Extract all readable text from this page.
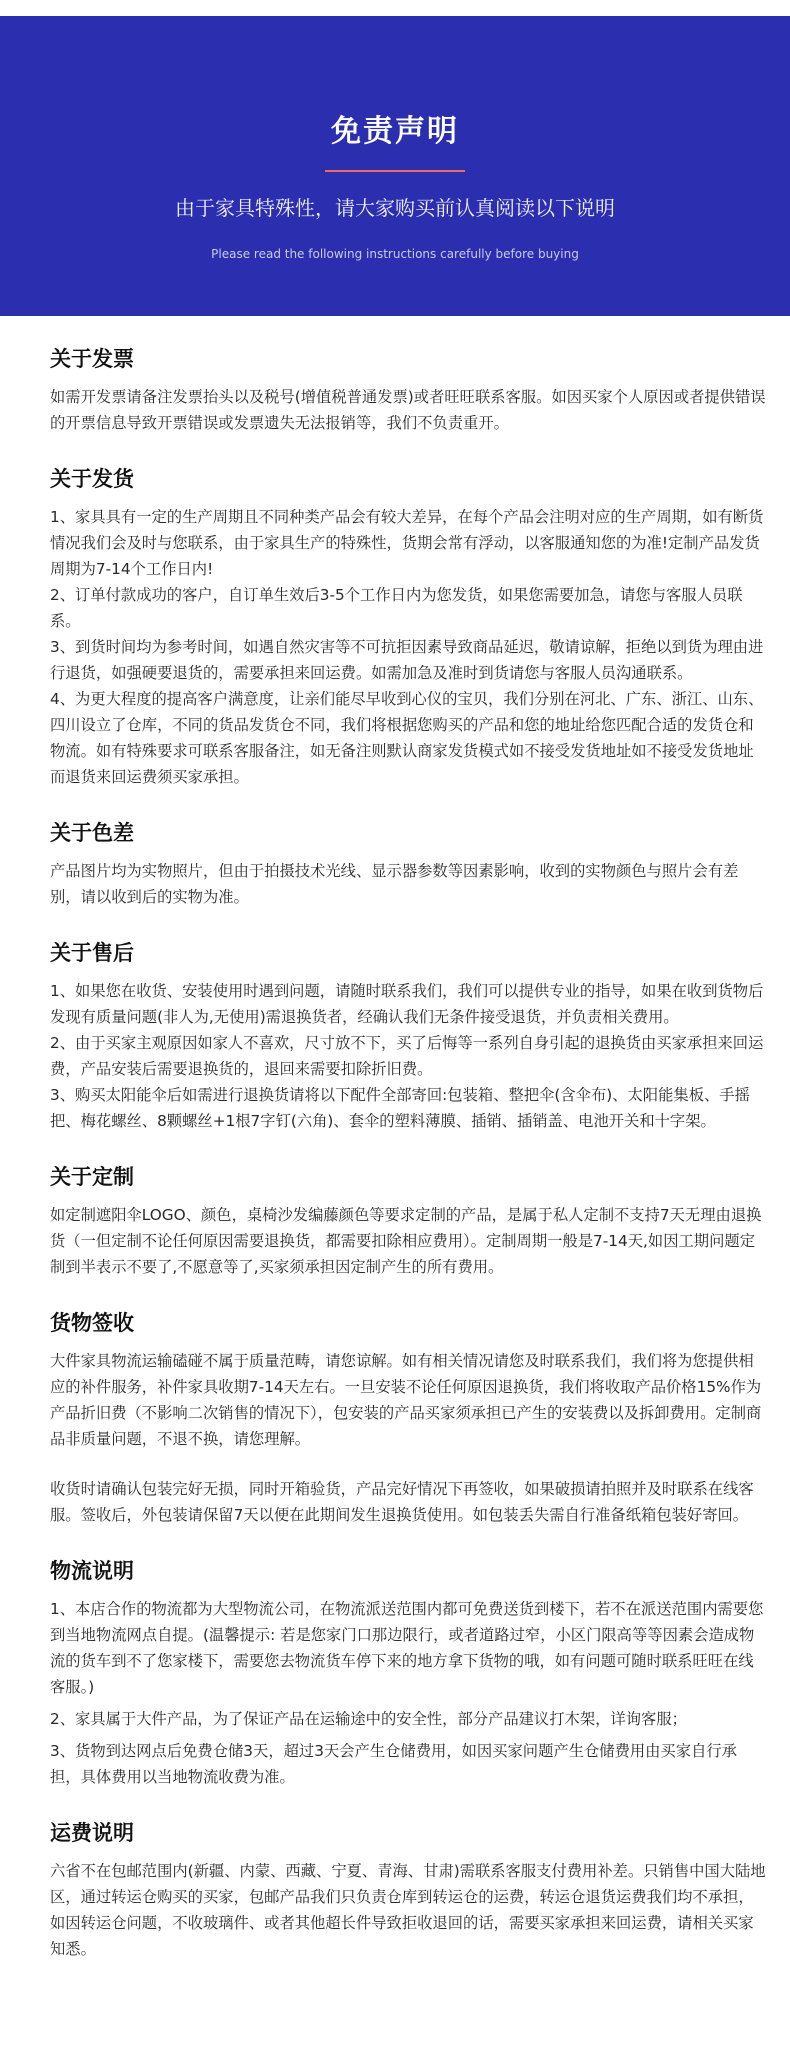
免责声明

由于家具特殊性，请大家购买前认真阅读以下说明

Please read the following instructions carefully before buying

关于发票

如需开发票请备注发票抬头以及税号(增值税普通发票)或者旺旺联系客服。如因买家个人原因或者提供错误的开票信息导致开票错误或发票遗失无法报销等，我们不负责重开。

关于发货

1、家具具有一定的生产周期且不同种类产品会有较大差异，在每个产品会注明对应的生产周期，如有断货情况我们会及时与您联系，由于家具生产的特殊性，货期会常有浮动，以客服通知您的为准!定制产品发货周期为7-14个工作日内!

2、订单付款成功的客户，自订单生效后3-5个工作日内为您发货，如果您需要加急，请您与客服人员联系。

3、到货时间均为参考时间，如遇自然灾害等不可抗拒因素导致商品延迟，敬请谅解，拒绝以到货为理由进行退货，如强硬要退货的，需要承担来回运费。如需加急及准时到货请您与客服人员沟通联系。

4、为更大程度的提高客户满意度，让亲们能尽早收到心仪的宝贝，我们分别在河北、广东、浙江、山东、四川设立了仓库，不同的货品发货仓不同，我们将根据您购买的产品和您的地址给您匹配合适的发货仓和物流。如有特殊要求可联系客服备注，如无备注则默认商家发货模式如不接受发货地址如不接受发货地址而退货来回运费须买家承担。

关于色差

产品图片均为实物照片，但由于拍摄技术光线、显示器参数等因素影响，收到的实物颜色与照片会有差别，请以收到后的实物为准。

关于售后

1、如果您在收货、安装使用时遇到问题，请随时联系我们，我们可以提供专业的指导，如果在收到货物后发现有质量问题(非人为,无使用)需退换货者，经确认我们无条件接受退货，并负责相关费用。

2、由于买家主观原因如家人不喜欢，尺寸放不下，买了后悔等一系列自身引起的退换货由买家承担来回运费，产品安装后需要退换货的，退回来需要扣除折旧费。

3、购买太阳能伞后如需进行退换货请将以下配件全部寄回:包装箱、整把伞(含伞布)、太阳能集板、手摇把、梅花螺丝、8颗螺丝+1根7字钉(六角)、套伞的塑料薄膜、插销、插销盖、电池开关和十字架。

关于定制

如定制遮阳伞LOGO、颜色，桌椅沙发编藤颜色等要求定制的产品，是属于私人定制不支持7天无理由退换货（一但定制不论任何原因需要退换货，都需要扣除相应费用）。定制周期一般是7-14天,如因工期问题定制到半表示不要了,不愿意等了,买家须承担因定制产生的所有费用。

货物签收

大件家具物流运输磕碰不属于质量范畴，请您谅解。如有相关情况请您及时联系我们，我们将为您提供相应的补件服务，补件家具收期7-14天左右。一旦安装不论任何原因退换货，我们将收取产品价格15%作为产品折旧费（不影响二次销售的情况下），包安装的产品买家须承担已产生的安装费以及拆卸费用。定制商品非质量问题，不退不换，请您理解。

收货时请确认包装完好无损，同时开箱验货，产品完好情况下再签收，如果破损请拍照并及时联系在线客服。签收后，外包装请保留7天以便在此期间发生退换货使用。如包装丢失需自行准备纸箱包装好寄回。

物流说明

1、本店合作的物流都为大型物流公司，在物流派送范围内都可免费送货到楼下，若不在派送范围内需要您到当地物流网点自提。(温馨提示: 若是您家门口那边限行，或者道路过窄，小区门限高等等因素会造成物流的货车到不了您家楼下，需要您去物流货车停下来的地方拿下货物的哦，如有问题可随时联系旺旺在线客服。)

2、家具属于大件产品，为了保证产品在运输途中的安全性，部分产品建议打木架，详询客服；

3、货物到达网点后免费仓储3天，超过3天会产生仓储费用，如因买家问题产生仓储费用由买家自行承担，具体费用以当地物流收费为准。

运费说明

六省不在包邮范围内(新疆、内蒙、西藏、宁夏、青海、甘肃)需联系客服支付费用补差。只销售中国大陆地区，通过转运仓购买的买家，包邮产品我们只负责仓库到转运仓的运费，转运仓退货运费我们均不承担，如因转运仓问题，不收玻璃件、或者其他超长件导致拒收退回的话，需要买家承担来回运费，请相关买家知悉。
